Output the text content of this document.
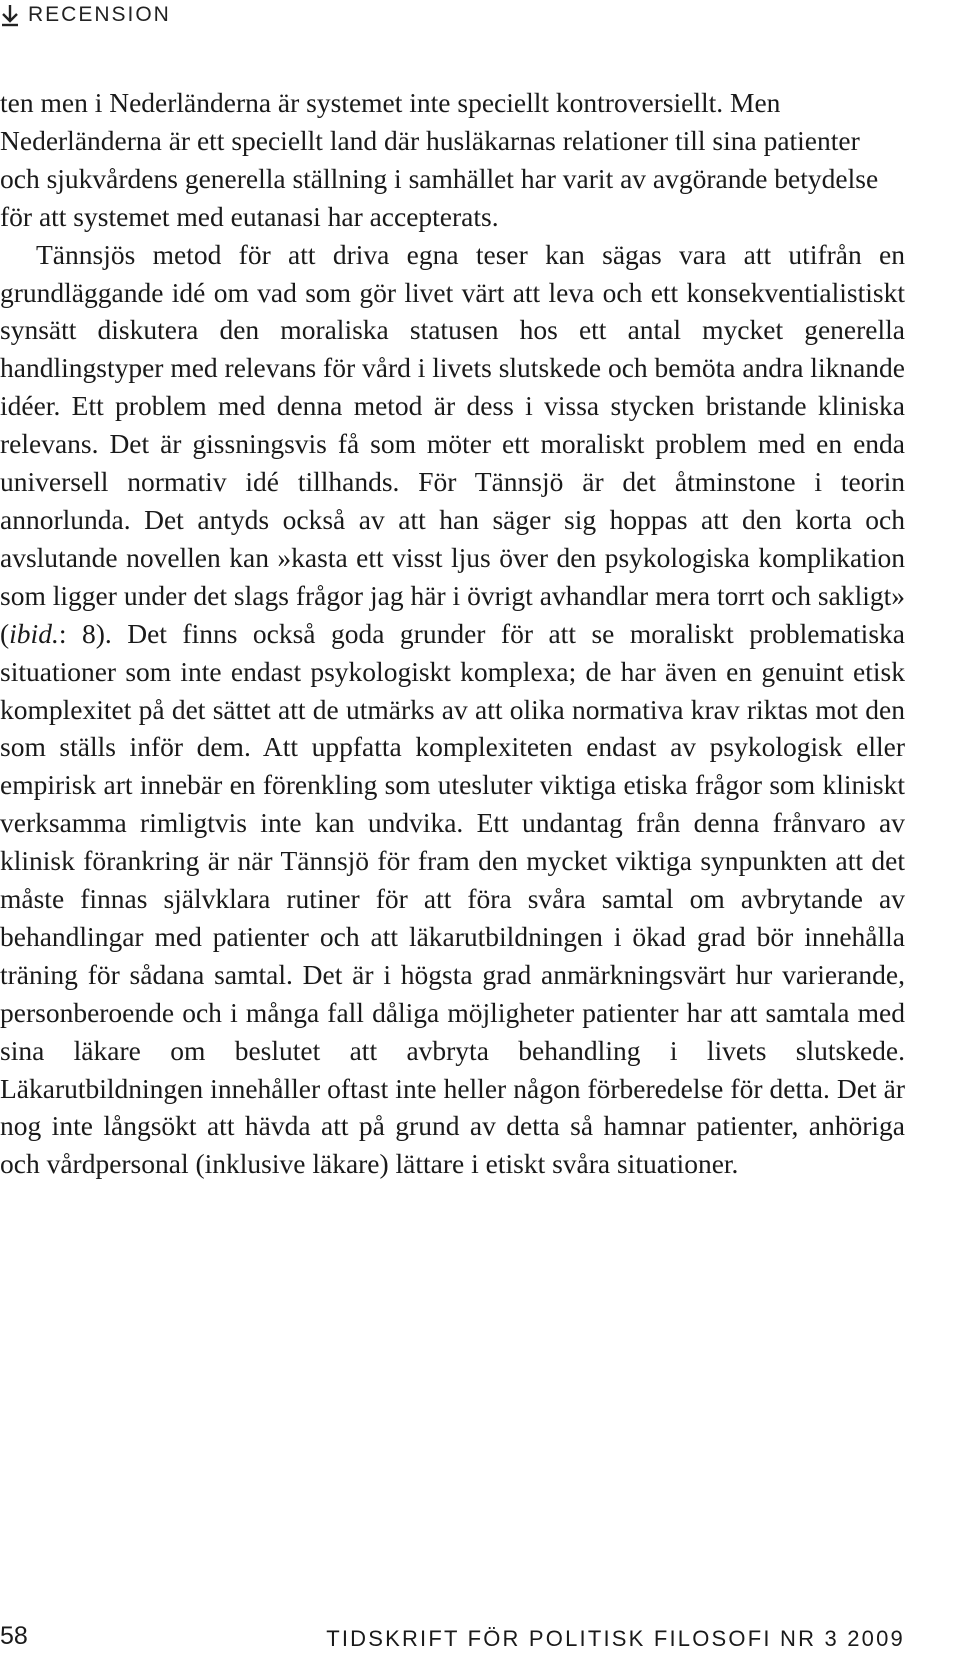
RECENSION

ten men i Nederländerna är systemet inte speciellt kontroversiellt. Men Nederländerna är ett speciellt land där husläkarnas relationer till sina patienter och sjukvårdens generella ställning i samhället har varit av avgörande betydelse för att systemet med eutanasi har accepterats.

Tännsjös metod för att driva egna teser kan sägas vara att utifrån en grundläggande idé om vad som gör livet värt att leva och ett konsekventialistiskt synsätt diskutera den moraliska statusen hos ett antal mycket generella handlingstyper med relevans för vård i livets slutskede och bemöta andra liknande idéer. Ett problem med denna metod är dess i vissa stycken bristande kliniska relevans. Det är gissningsvis få som möter ett moraliskt problem med en enda universell normativ idé tillhands. För Tännsjö är det åtminstone i teorin annorlunda. Det antyds också av att han säger sig hoppas att den korta och avslutande novellen kan »kasta ett visst ljus över den psykologiska komplikation som ligger under det slags frågor jag här i övrigt avhandlar mera torrt och sakligt» (ibid.: 8). Det finns också goda grunder för att se moraliskt problematiska situationer som inte endast psykologiskt komplexa; de har även en genuint etisk komplexitet på det sättet att de utmärks av att olika normativa krav riktas mot den som ställs inför dem. Att uppfatta komplexiteten endast av psykologisk eller empirisk art innebär en förenkling som utesluter viktiga etiska frågor som kliniskt verksamma rimligtvis inte kan undvika. Ett undantag från denna frånvaro av klinisk förankring är när Tännsjö för fram den mycket viktiga synpunkten att det måste finnas självklara rutiner för att föra svåra samtal om avbrytande av behandlingar med patienter och att läkarutbildningen i ökad grad bör innehålla träning för sådana samtal. Det är i högsta grad anmärkningsvärt hur varierande, personberoende och i många fall dåliga möjligheter patienter har att samtala med sina läkare om beslutet att avbryta behandling i livets slutskede. Läkarutbildningen innehåller oftast inte heller någon förberedelse för detta. Det är nog inte långsökt att hävda att på grund av detta så hamnar patienter, anhöriga och vårdpersonal (inklusive läkare) lättare i etiskt svåra situationer.

58	TIDSKRIFT FÖR POLITISK FILOSOFI NR 3 2009
